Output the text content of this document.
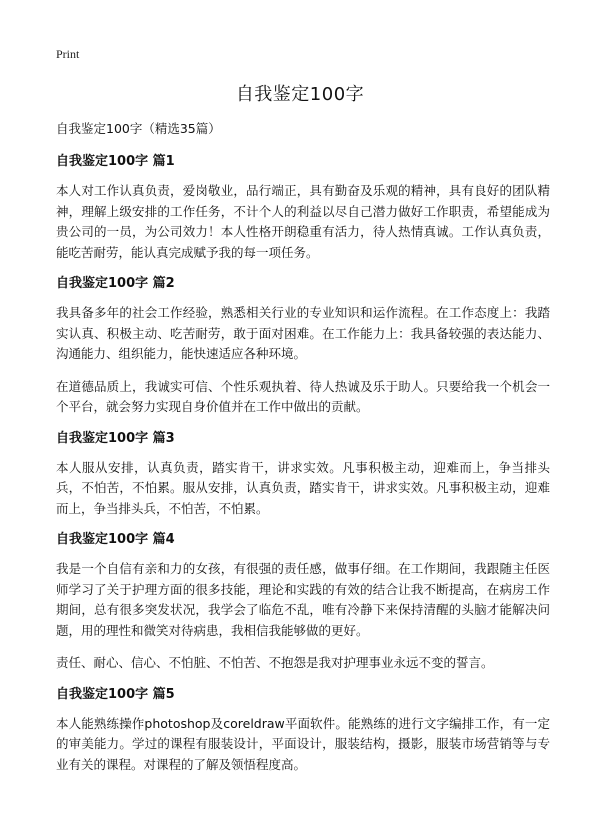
Print
自我鉴定100字

自我鉴定100字（精选35篇）

自我鉴定100字 篇1

本人对工作认真负责，爱岗敬业，品行端正，具有勤奋及乐观的精神，具有良好的团队精神，理解上级安排的工作任务，不计个人的利益以尽自己潜力做好工作职责，希望能成为贵公司的一员，为公司效力！本人性格开朗稳重有活力，待人热情真诚。工作认真负责，能吃苦耐劳，能认真完成赋予我的每一项任务。

自我鉴定100字 篇2

我具备多年的社会工作经验，熟悉相关行业的专业知识和运作流程。在工作态度上：我踏实认真、积极主动、吃苦耐劳，敢于面对困难。在工作能力上：我具备较强的表达能力、沟通能力、组织能力，能快速适应各种环境。

在道德品质上，我诚实可信、个性乐观执着、待人热诚及乐于助人。只要给我一个机会一个平台，就会努力实现自身价值并在工作中做出的贡献。

自我鉴定100字 篇3

本人服从安排，认真负责，踏实肯干，讲求实效。凡事积极主动，迎难而上，争当排头兵，不怕苦，不怕累。服从安排，认真负责，踏实肯干，讲求实效。凡事积极主动，迎难而上，争当排头兵，不怕苦，不怕累。

自我鉴定100字 篇4

我是一个自信有亲和力的女孩，有很强的责任感，做事仔细。在工作期间，我跟随主任医师学习了关于护理方面的很多技能，理论和实践的有效的结合让我不断提高，在病房工作期间，总有很多突发状况，我学会了临危不乱，唯有冷静下来保持清醒的头脑才能解决问题，用的理性和微笑对待病患，我相信我能够做的更好。

责任、耐心、信心、不怕脏、不怕苦、不抱怨是我对护理事业永远不变的誓言。

自我鉴定100字 篇5

本人能熟练操作photoshop及coreldraw平面软件。能熟练的进行文字编排工作，有一定的审美能力。学过的课程有服装设计，平面设计，服装结构，摄影，服装市场营销等与专业有关的课程。对课程的了解及领悟程度高。
